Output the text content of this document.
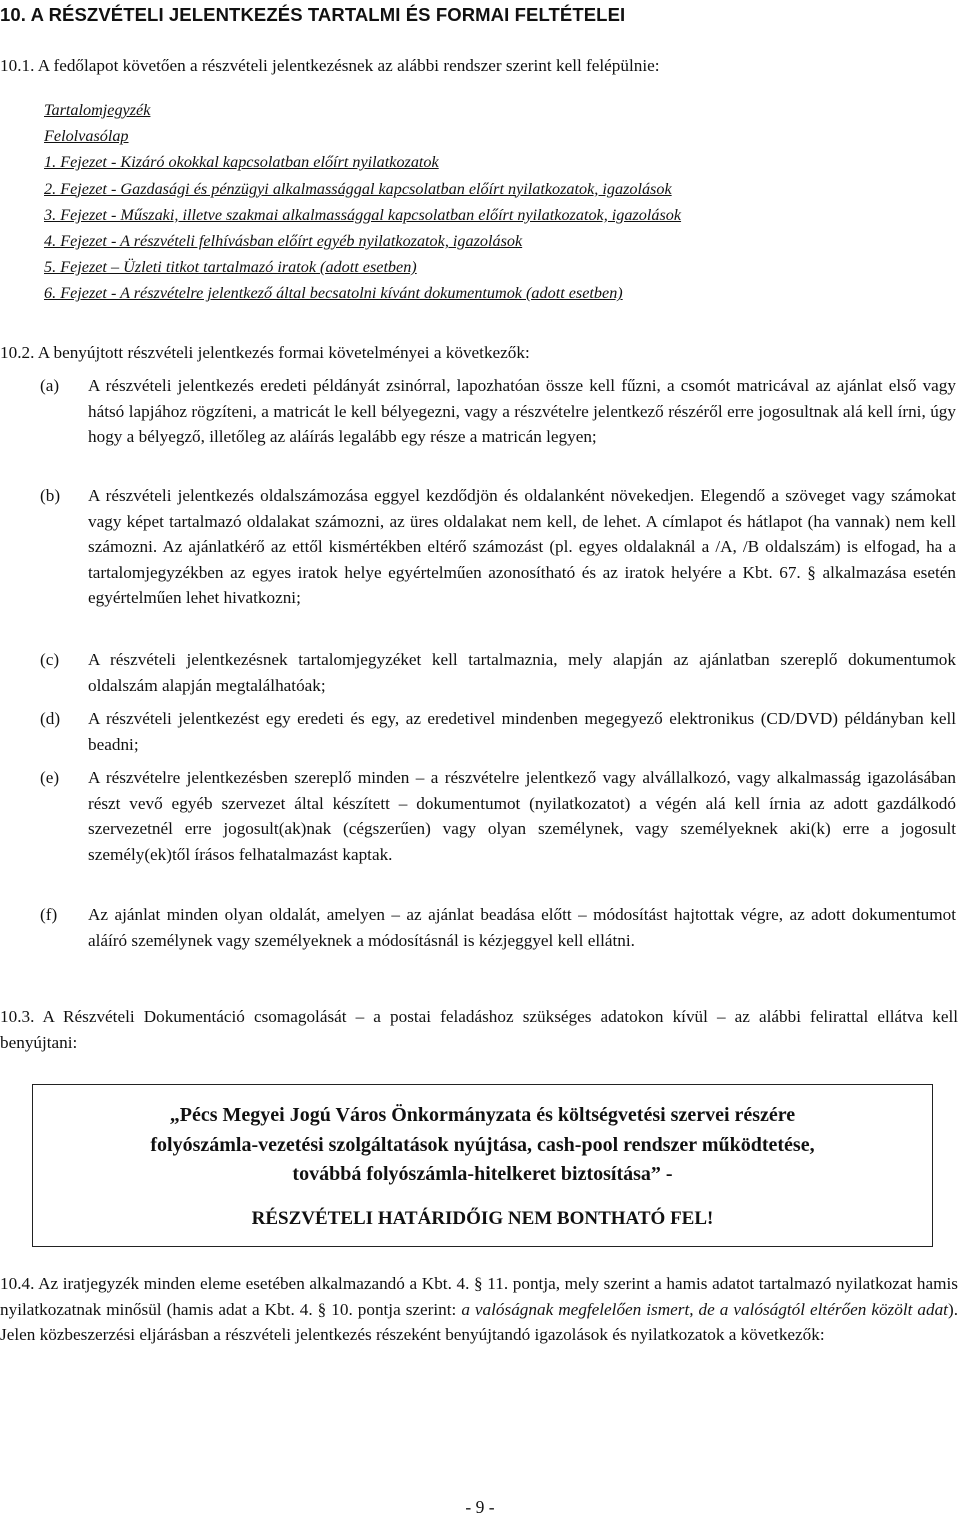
10. A RÉSZVÉTELI JELENTKEZÉS TARTALMI ÉS FORMAI FELTÉTELEI
10.1. A fedőlapot követően a részvételi jelentkezésnek az alábbi rendszer szerint kell felépülnie:
Tartalomjegyzék
Felolvasólap
1. Fejezet - Kizáró okokkal kapcsolatban előírt nyilatkozatok
2. Fejezet - Gazdasági és pénzügyi alkalmassággal kapcsolatban előírt nyilatkozatok, igazolások
3. Fejezet - Műszaki, illetve szakmai alkalmassággal kapcsolatban előírt nyilatkozatok, igazolások
4. Fejezet - A részvételi felhívásban előírt egyéb nyilatkozatok, igazolások
5. Fejezet – Üzleti titkot tartalmazó iratok (adott esetben)
6. Fejezet - A részvételre jelentkező által becsatolni kívánt dokumentumok (adott esetben)
10.2. A benyújtott részvételi jelentkezés formai követelményei a következők:
(a) A részvételi jelentkezés eredeti példányát zsinórral, lapozhatóan össze kell fűzni, a csomót matricával az ajánlat első vagy hátsó lapjához rögzíteni, a matricát le kell bélyegezni, vagy a részvételre jelentkező részéről erre jogosultnak alá kell írni, úgy hogy a bélyegző, illetőleg az aláírás legalább egy része a matricán legyen;
(b) A részvételi jelentkezés oldalszámozása eggyel kezdődjön és oldalanként növekedjen. Elegendő a szöveget vagy számokat vagy képet tartalmazó oldalakat számozni, az üres oldalakat nem kell, de lehet. A címlapot és hátlapot (ha vannak) nem kell számozni. Az ajánlatkérő az ettől kismértékben eltérő számozást (pl. egyes oldalaknál a /A, /B oldalszám) is elfogad, ha a tartalomjegyzékben az egyes iratok helye egyértelműen azonosítható és az iratok helyére a Kbt. 67. § alkalmazása esetén egyértelműen lehet hivatkozni;
(c) A részvételi jelentkezésnek tartalomjegyzéket kell tartalmaznia, mely alapján az ajánlatban szereplő dokumentumok oldalszám alapján megtalálhatóak;
(d) A részvételi jelentkezést egy eredeti és egy, az eredetivel mindenben megegyező elektronikus (CD/DVD) példányban kell beadni;
(e) A részvételre jelentkezésben szereplő minden – a részvételre jelentkező vagy alvállalkozó, vagy alkalmasság igazolásában részt vevő egyéb szervezet által készített – dokumentumot (nyilatkozatot) a végén alá kell írnia az adott gazdálkodó szervezetnél erre jogosult(ak)nak (cégszerűen) vagy olyan személynek, vagy személyeknek aki(k) erre a jogosult személy(ek)től írásos felhatalmazást kaptak.
(f) Az ajánlat minden olyan oldalát, amelyen – az ajánlat beadása előtt – módosítást hajtottak végre, az adott dokumentumot aláíró személynek vagy személyeknek a módosításnál is kézjeggyel kell ellátni.
10.3. A Részvételi Dokumentáció csomagolását – a postai feladáshoz szükséges adatokon kívül – az alábbi felirattal ellátva kell benyújtani:
„Pécs Megyei Jogú Város Önkormányzata és költségvetési szervei részére
folyószámla-vezetési szolgáltatások nyújtása, cash-pool rendszer működtetése,
továbbá folyószámla-hitelkeret biztosítása” -
RÉSZVÉTELI HATÁRIDŐIG NEM BONTHATÓ FEL!
10.4. Az iratjegyzék minden eleme esetében alkalmazandó a Kbt. 4. § 11. pontja, mely szerint a hamis adatot tartalmazó nyilatkozat hamis nyilatkozatnak minősül (hamis adat a Kbt. 4. § 10. pontja szerint: a valóságnak megfelelően ismert, de a valóságtól eltérően közölt adat). Jelen közbeszerzési eljárásban a részvételi jelentkezés részeként benyújtandó igazolások és nyilatkozatok a következők:
- 9 -
